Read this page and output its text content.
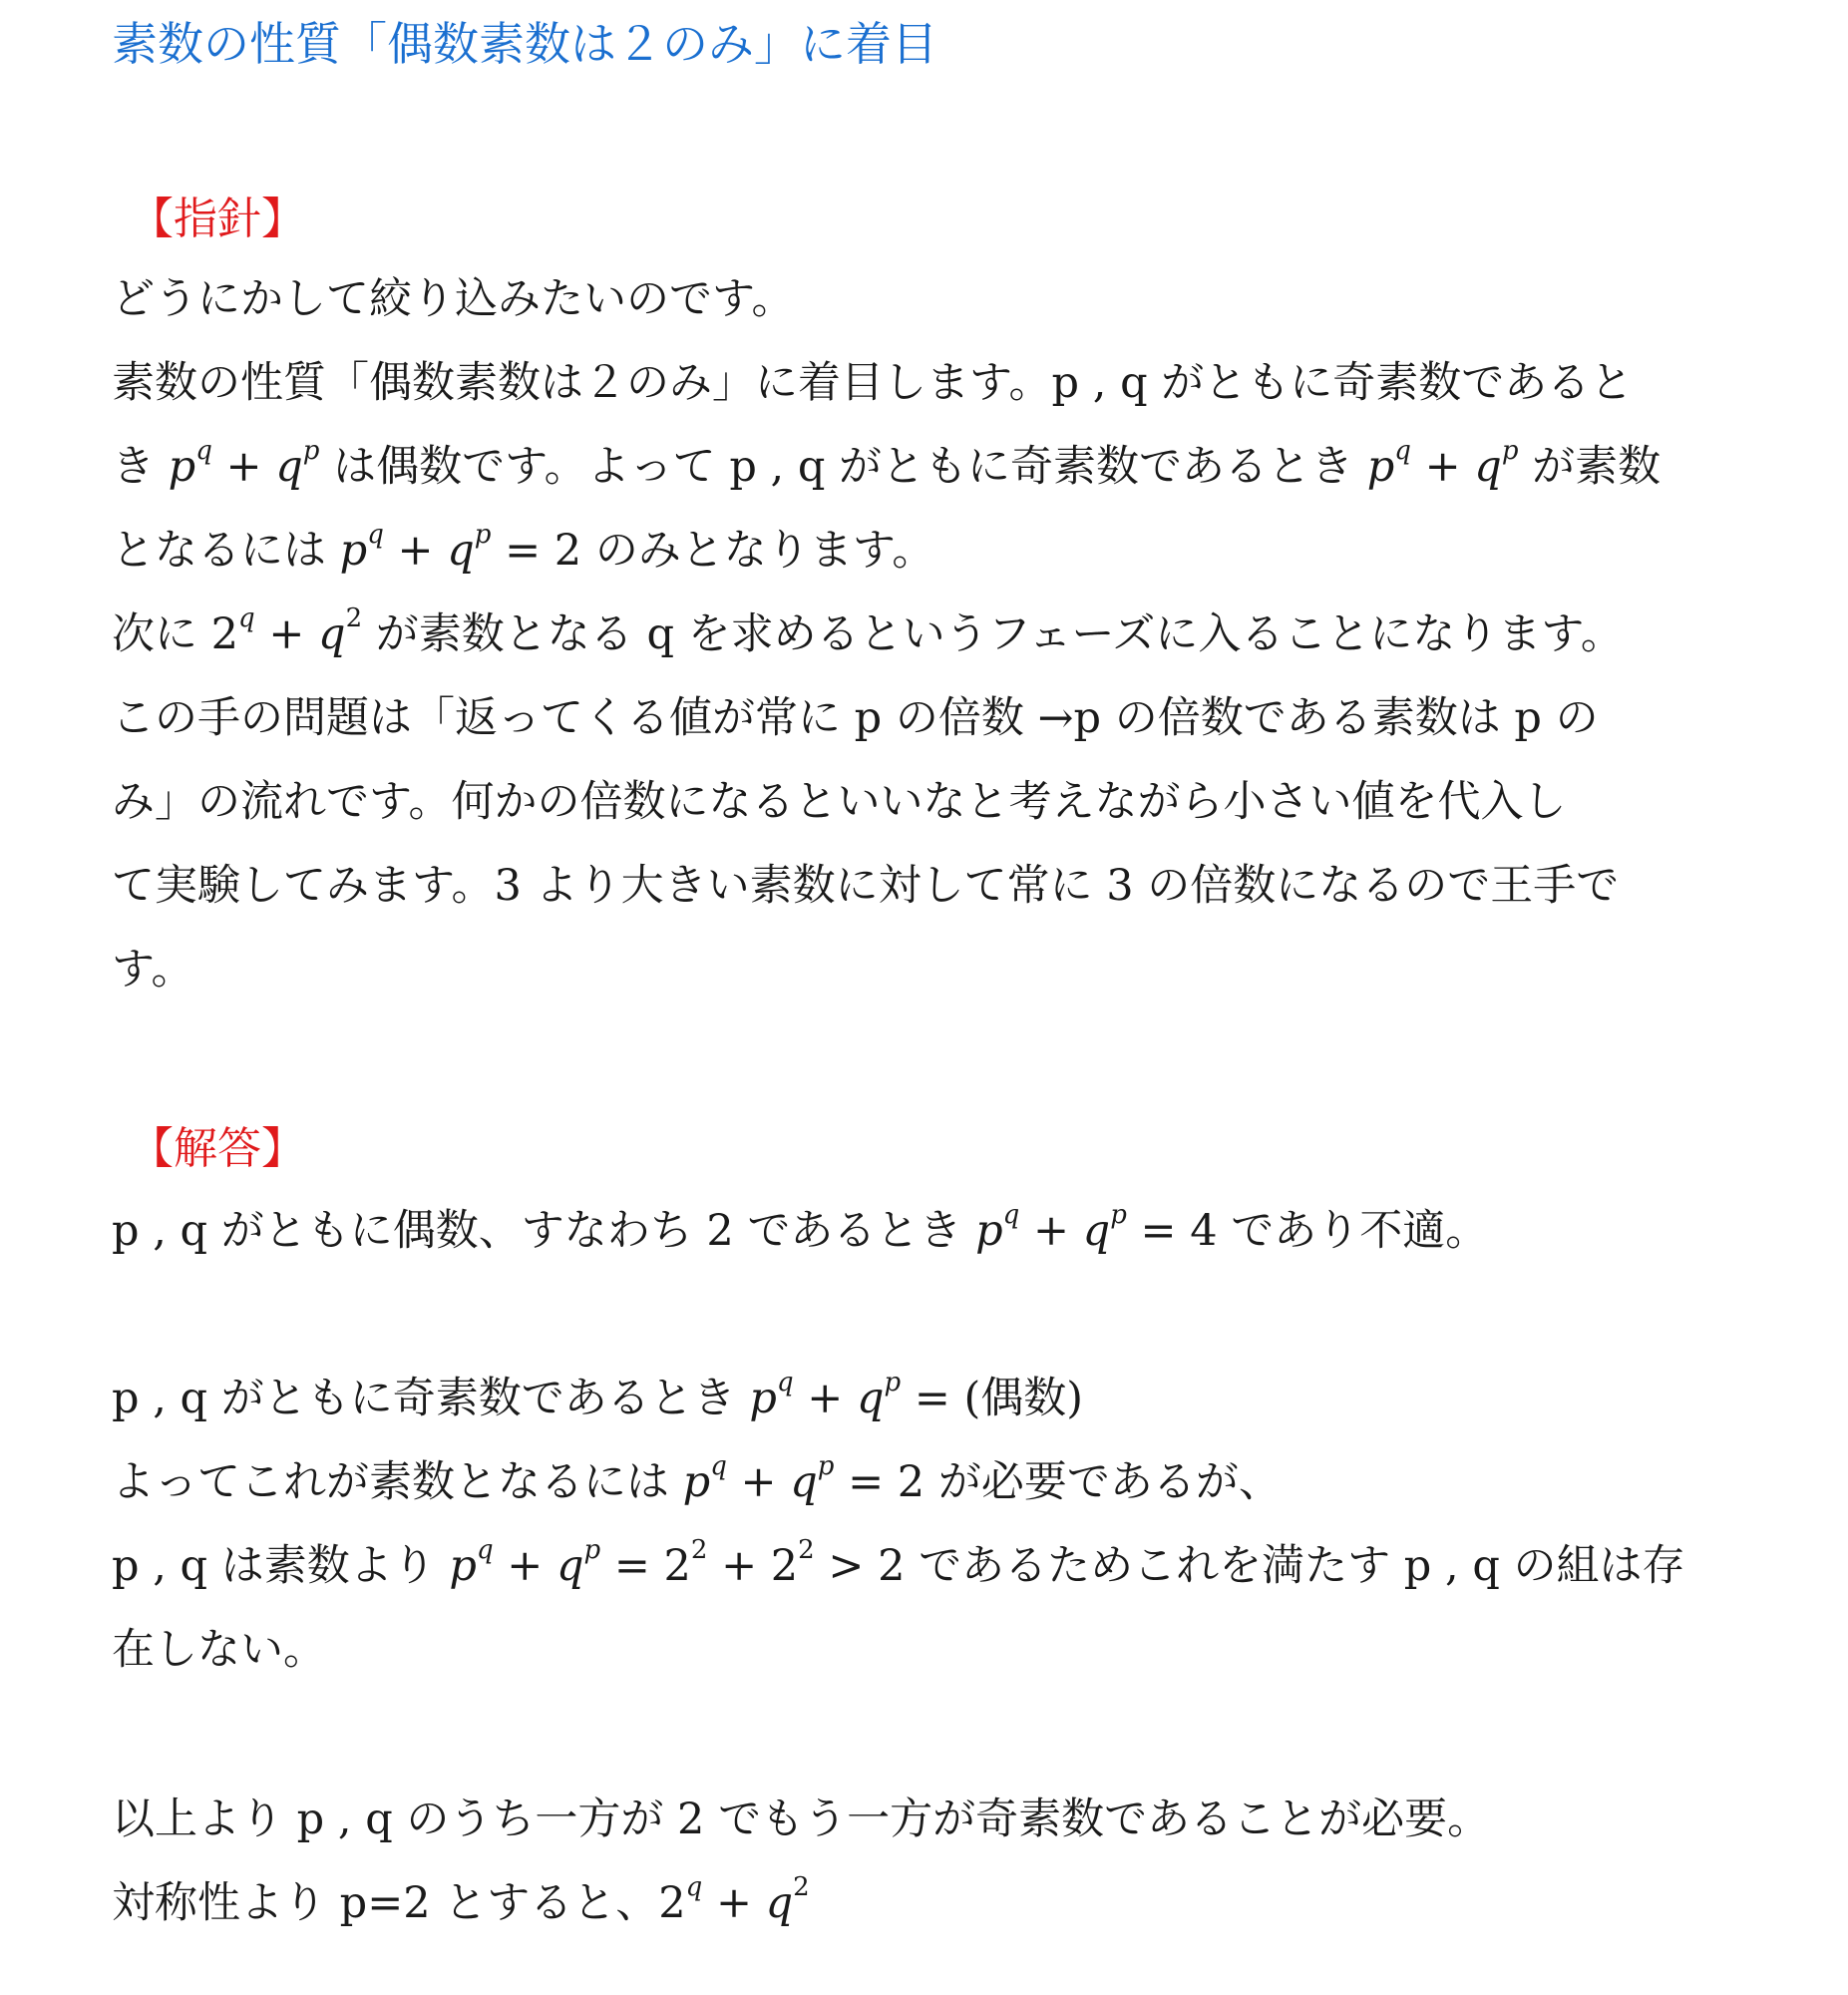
素数の性質「偶数素数は２のみ」に着目
【指針】
どうにかして絞り込みたいのです。
素数の性質「偶数素数は２のみ」に着目します。p , q がともに奇素数であると
き $p^q + q^p$ は偶数です。よって p , q がともに奇素数であるとき $p^q + q^p$ が素数
となるには $p^q + q^p = 2$ のみとなります。
次に $2^q + q^2$ が素数となる q を求めるというフェーズに入ることになります。
この手の問題は「返ってくる値が常に p の倍数 →p の倍数である素数は p の
み」の流れです。何かの倍数になるといいなと考えながら小さい値を代入し
て実験してみます。3 より大きい素数に対して常に 3 の倍数になるので王手で
す。
【解答】
p , q がともに偶数、すなわち 2 であるとき $p^q + q^p = 4$ であり不適。
p , q がともに奇素数であるとき $p^q + q^p$ = (偶数)
よってこれが素数となるには $p^q + q^p = 2$ が必要であるが、
p , q は素数より $p^q + q^p = 2^2 + 2^2 > 2$ であるためこれを満たす p , q の組は存
在しない。
以上より p , q のうち一方が 2 でもう一方が奇素数であることが必要。
対称性より p=2 とすると、$2^q + q^2$
